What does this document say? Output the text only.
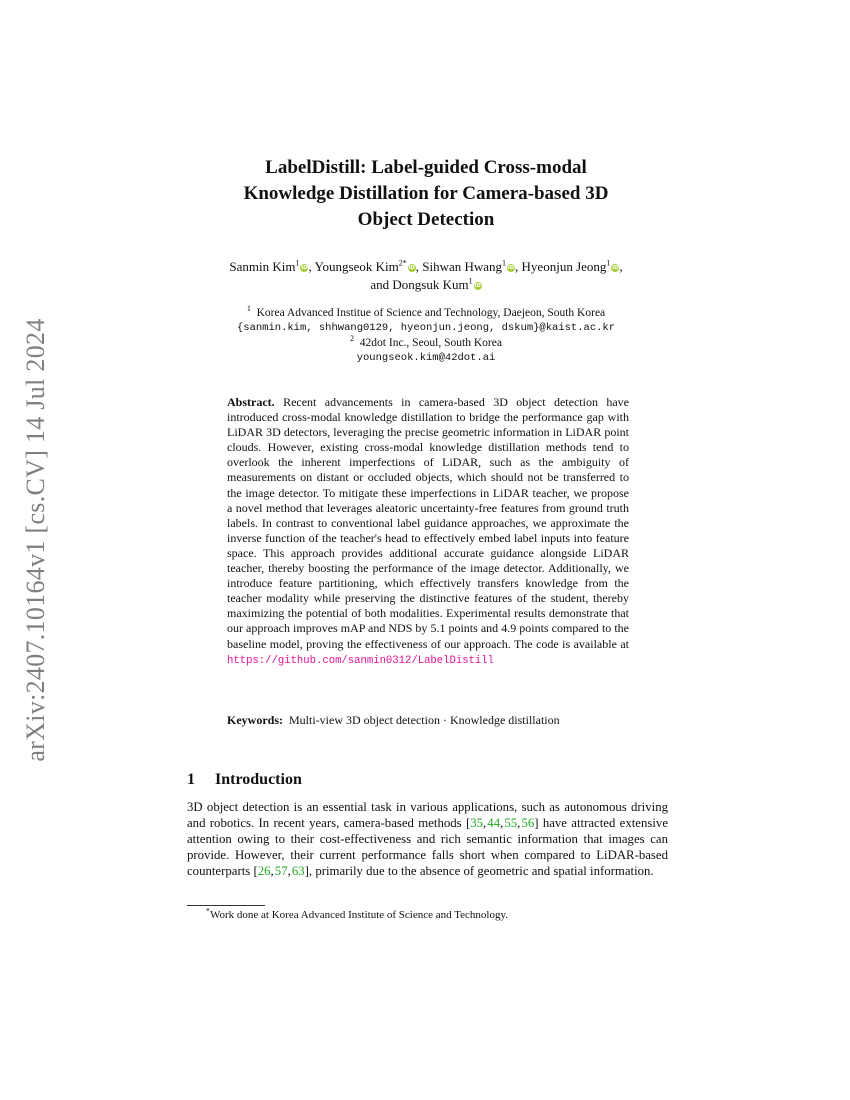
arXiv:2407.10164v1 [cs.CV] 14 Jul 2024
LabelDistill: Label-guided Cross-modal
Knowledge Distillation for Camera-based 3D
Object Detection
Sanmin Kim$^1$iD, Youngseok Kim$^{2*}$iD, Sihwan Hwang$^1$iD, Hyeonjun Jeong$^1$iD,
and Dongsuk Kum$^1$iD
$^1$ Korea Advanced Institue of Science and Technology, Daejeon, South Korea
{sanmin.kim, shhwang0129, hyeonjun.jeong, dskum}@kaist.ac.kr
$^2$ 42dot Inc., Seoul, South Korea
youngseok.kim@42dot.ai
Abstract. Recent advancements in camera-based 3D object detection have introduced cross-modal knowledge distillation to bridge the performance gap with LiDAR 3D detectors, leveraging the precise geometric information in LiDAR point clouds. However, existing cross-modal knowledge distillation methods tend to overlook the inherent imperfections of LiDAR, such as the ambiguity of measurements on distant or occluded objects, which should not be transferred to the image detector. To mitigate these imperfections in LiDAR teacher, we propose a novel method that leverages aleatoric uncertainty-free features from ground truth labels. In contrast to conventional label guidance approaches, we approximate the inverse function of the teacher's head to effectively embed label inputs into feature space. This approach provides additional accurate guidance alongside LiDAR teacher, thereby boosting the performance of the image detector. Additionally, we introduce feature partitioning, which effectively transfers knowledge from the teacher modality while preserving the distinctive features of the student, thereby maximizing the potential of both modalities. Experimental results demonstrate that our approach improves mAP and NDS by 5.1 points and 4.9 points compared to the baseline model, proving the effectiveness of our approach. The code is available at https://github.com/sanmin0312/LabelDistill
Keywords: Multi-view 3D object detection · Knowledge distillation
1 Introduction
3D object detection is an essential task in various applications, such as autonomous driving and robotics. In recent years, camera-based methods [35, 44, 55, 56] have attracted extensive attention owing to their cost-effectiveness and rich semantic information that images can provide. However, their current performance falls short when compared to LiDAR-based counterparts [26, 57, 63], primarily due to the absence of geometric and spatial information.
*Work done at Korea Advanced Institute of Science and Technology.
